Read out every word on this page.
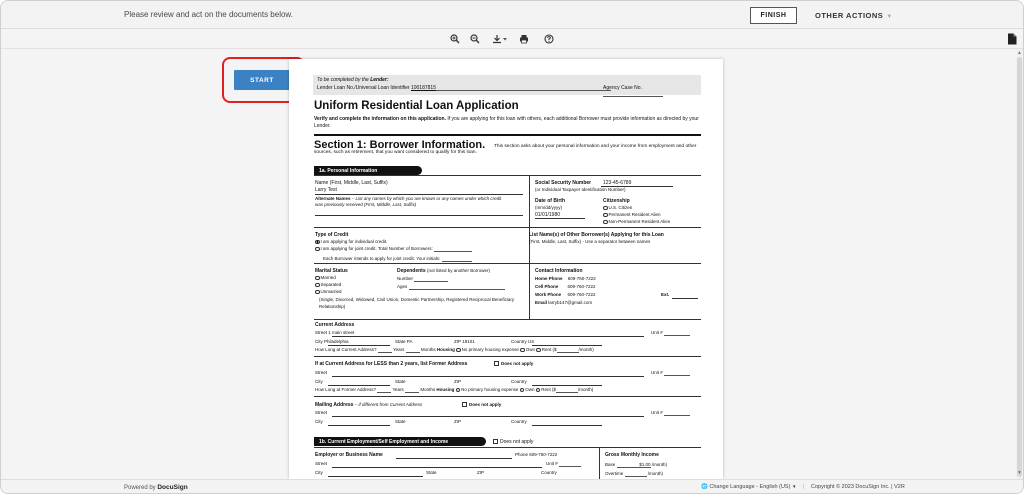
Please review and act on the documents below.	FINISH	OTHER ACTIONS ▼
▲
▼
START	To be completed by the Lender:
Lender Loan No./Universal Loan Identifier 100187815	Agency Case No.
Uniform Residential Loan Application
Verify and complete the information on this application. If you are applying for this loan with others, each additional Borrower must provide information as directed by your Lender.
Section 1: Borrower Information.	This section asks about your personal information and your income from employment and other sources, such as retirement, that you want considered to qualify for this loan.
1a. Personal Information
Name (First, Middle, Last, Suffix)
Larry Test
Alternate Names – List any names by which you are known or any names under which credit was previously received (First, Middle, Last, Suffix)
Social Security Number 123-45-6789
(or Individual Taxpayer Identification Number)
Date of Birth
(mm/dd/yyyy)
01/01/1980
Citizenship
U.S. Citizen
Permanent Resident Alien
Non-Permanent Resident Alien
Type of Credit
I am applying for individual credit.
I am applying for joint credit. Total Number of Borrowers:
Each Borrower intends to apply for joint credit. Your initials:
List Name(s) of Other Borrower(s) Applying for this Loan
(First, Middle, Last, Suffix) - Use a separator between names
Marital Status
Married
Separated
Unmarried
(Single, Divorced, Widowed, Civil Union, Domestic Partnership, Registered Reciprocal Beneficiary Relationship)
Dependents (not listed by another Borrower)
Number
Ages
Contact Information
Home Phone 609-760-7222
Cell Phone 609-760-7222
Work Phone 609-760-7222	Ext.
Email larryb147@gmail.com
Current Address
Street 1 main street	Unit #
City Philadelphia	State PA	ZIP 19101	Country US
How Long at Current Address?	Years	Months Housing No primary housing expense Own Rent ($	/month)
If at Current Address for LESS than 2 years, list Former Address	Does not apply
Street	Unit #
City	State	ZIP	Country
How Long at Former Address?	Years	Months Housing No primary housing expense Own Rent ($	/month)
Mailing Address – if different from Current Address	Does not apply
Street	Unit #
City	State	ZIP	Country
1b. Current Employment/Self Employment and Income	Does not apply
Employer or Business Name	Phone 609-760-7222
Street	Unit #
City	State	ZIP	Country
Gross Monthly Income
Base	$1.00 /month)
Overtime	/month)
Powered by DocuSign	🌐 Change Language - English (US) ▼ | Copyright © 2023 DocuSign Inc. | V2R
